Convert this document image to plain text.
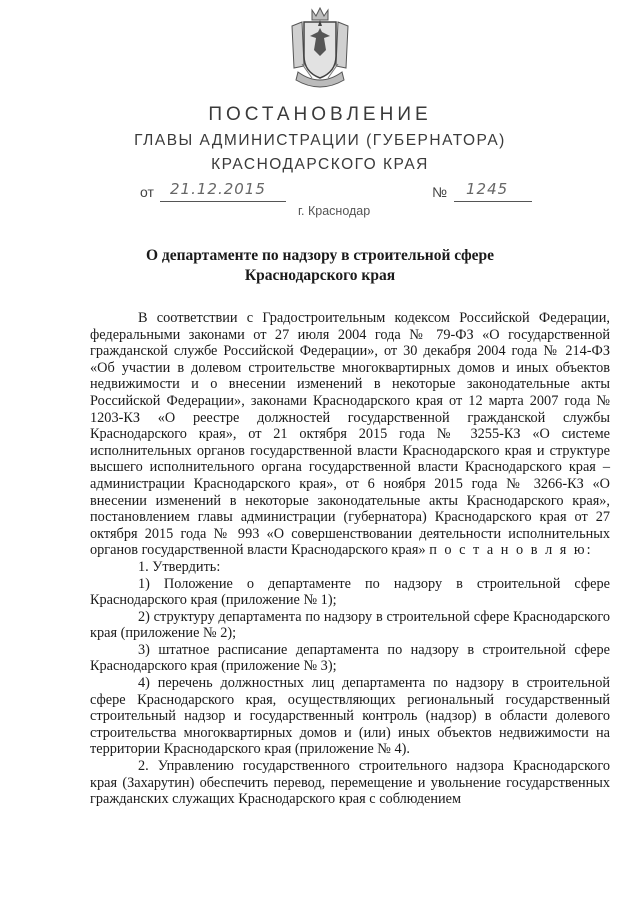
ПОСТАНОВЛЕНИЕ
ГЛАВЫ АДМИНИСТРАЦИИ (ГУБЕРНАТОРА)
КРАСНОДАРСКОГО КРАЯ
от 21.12.2015	№ 1245
г. Краснодар
О департаменте по надзору в строительной сфере
Краснодарского края

В соответствии с Градостроительным кодексом Российской Федерации, федеральными законами от 27 июля 2004 года № 79-ФЗ «О государственной гражданской службе Российской Федерации», от 30 декабря 2004 года № 214-ФЗ «Об участии в долевом строительстве многоквартирных домов и иных объектов недвижимости и о внесении изменений в некоторые законодательные акты Российской Федерации», законами Краснодарского края от 12 марта 2007 года № 1203-КЗ «О реестре должностей государственной гражданской службы Краснодарского края», от 21 октября 2015 года № 3255-КЗ «О системе исполнительных органов государственной власти Краснодарского края и структуре высшего исполнительного органа государственной власти Краснодарского края – администрации Краснодарского края», от 6 ноября 2015 года № 3266-КЗ «О внесении изменений в некоторые законодательные акты Краснодарского края», постановлением главы администрации (губернатора) Краснодарского края от 27 октября 2015 года № 993 «О совершенствовании деятельности исполнительных органов государственной власти Краснодарского края» п о с т а н о в л я ю:

1. Утвердить:

1) Положение о департаменте по надзору в строительной сфере Краснодарского края (приложение № 1);

2) структуру департамента по надзору в строительной сфере Краснодарского края (приложение № 2);

3) штатное расписание департамента по надзору в строительной сфере Краснодарского края (приложение № 3);

4) перечень должностных лиц департамента по надзору в строительной сфере Краснодарского края, осуществляющих региональный государственный строительный надзор и государственный контроль (надзор) в области долевого строительства многоквартирных домов и (или) иных объектов недвижимости на территории Краснодарского края (приложение № 4).

2. Управлению государственного строительного надзора Краснодарского края (Захарутин) обеспечить перевод, перемещение и увольнение государственных гражданских служащих Краснодарского края с соблюдением
